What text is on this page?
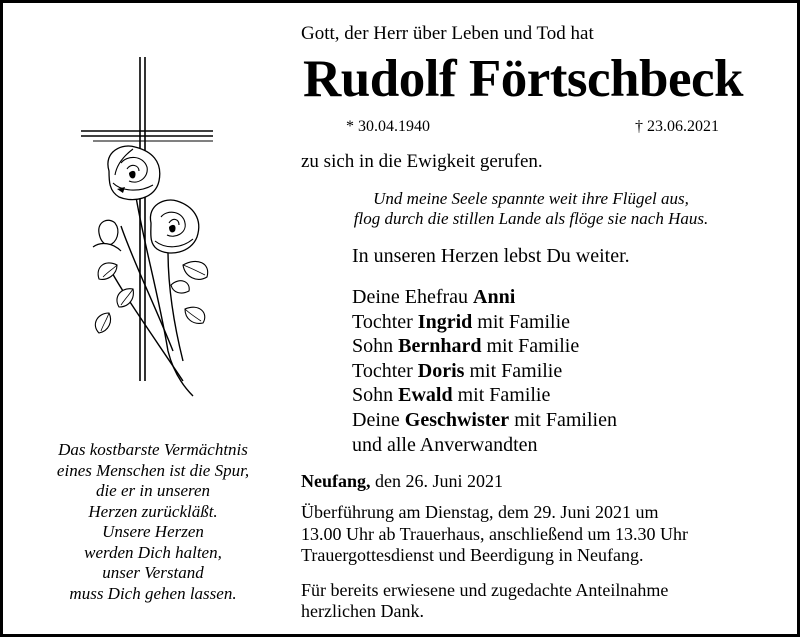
Gott, der Herr über Leben und Tod hat
Rudolf Förtschbeck
* 30.04.1940	† 23.06.2021
zu sich in die Ewigkeit gerufen.
Und meine Seele spannte weit ihre Flügel aus,
flog durch die stillen Lande als flöge sie nach Haus.
In unseren Herzen lebst Du weiter.
Deine Ehefrau Anni
Tochter Ingrid mit Familie
Sohn Bernhard mit Familie
Tochter Doris mit Familie
Sohn Ewald mit Familie
Deine Geschwister mit Familien
und alle Anverwandten
Neufang, den 26. Juni 2021
Überführung am Dienstag, dem 29. Juni 2021 um
13.00 Uhr ab Trauerhaus, anschließend um 13.30 Uhr
Trauergottesdienst und Beerdigung in Neufang.
Für bereits erwiesene und zugedachte Anteilnahme
herzlichen Dank.
Das kostbarste Vermächtnis
eines Menschen ist die Spur,
die er in unseren
Herzen zurückläßt.
Unsere Herzen
werden Dich halten,
unser Verstand
muss Dich gehen lassen.
